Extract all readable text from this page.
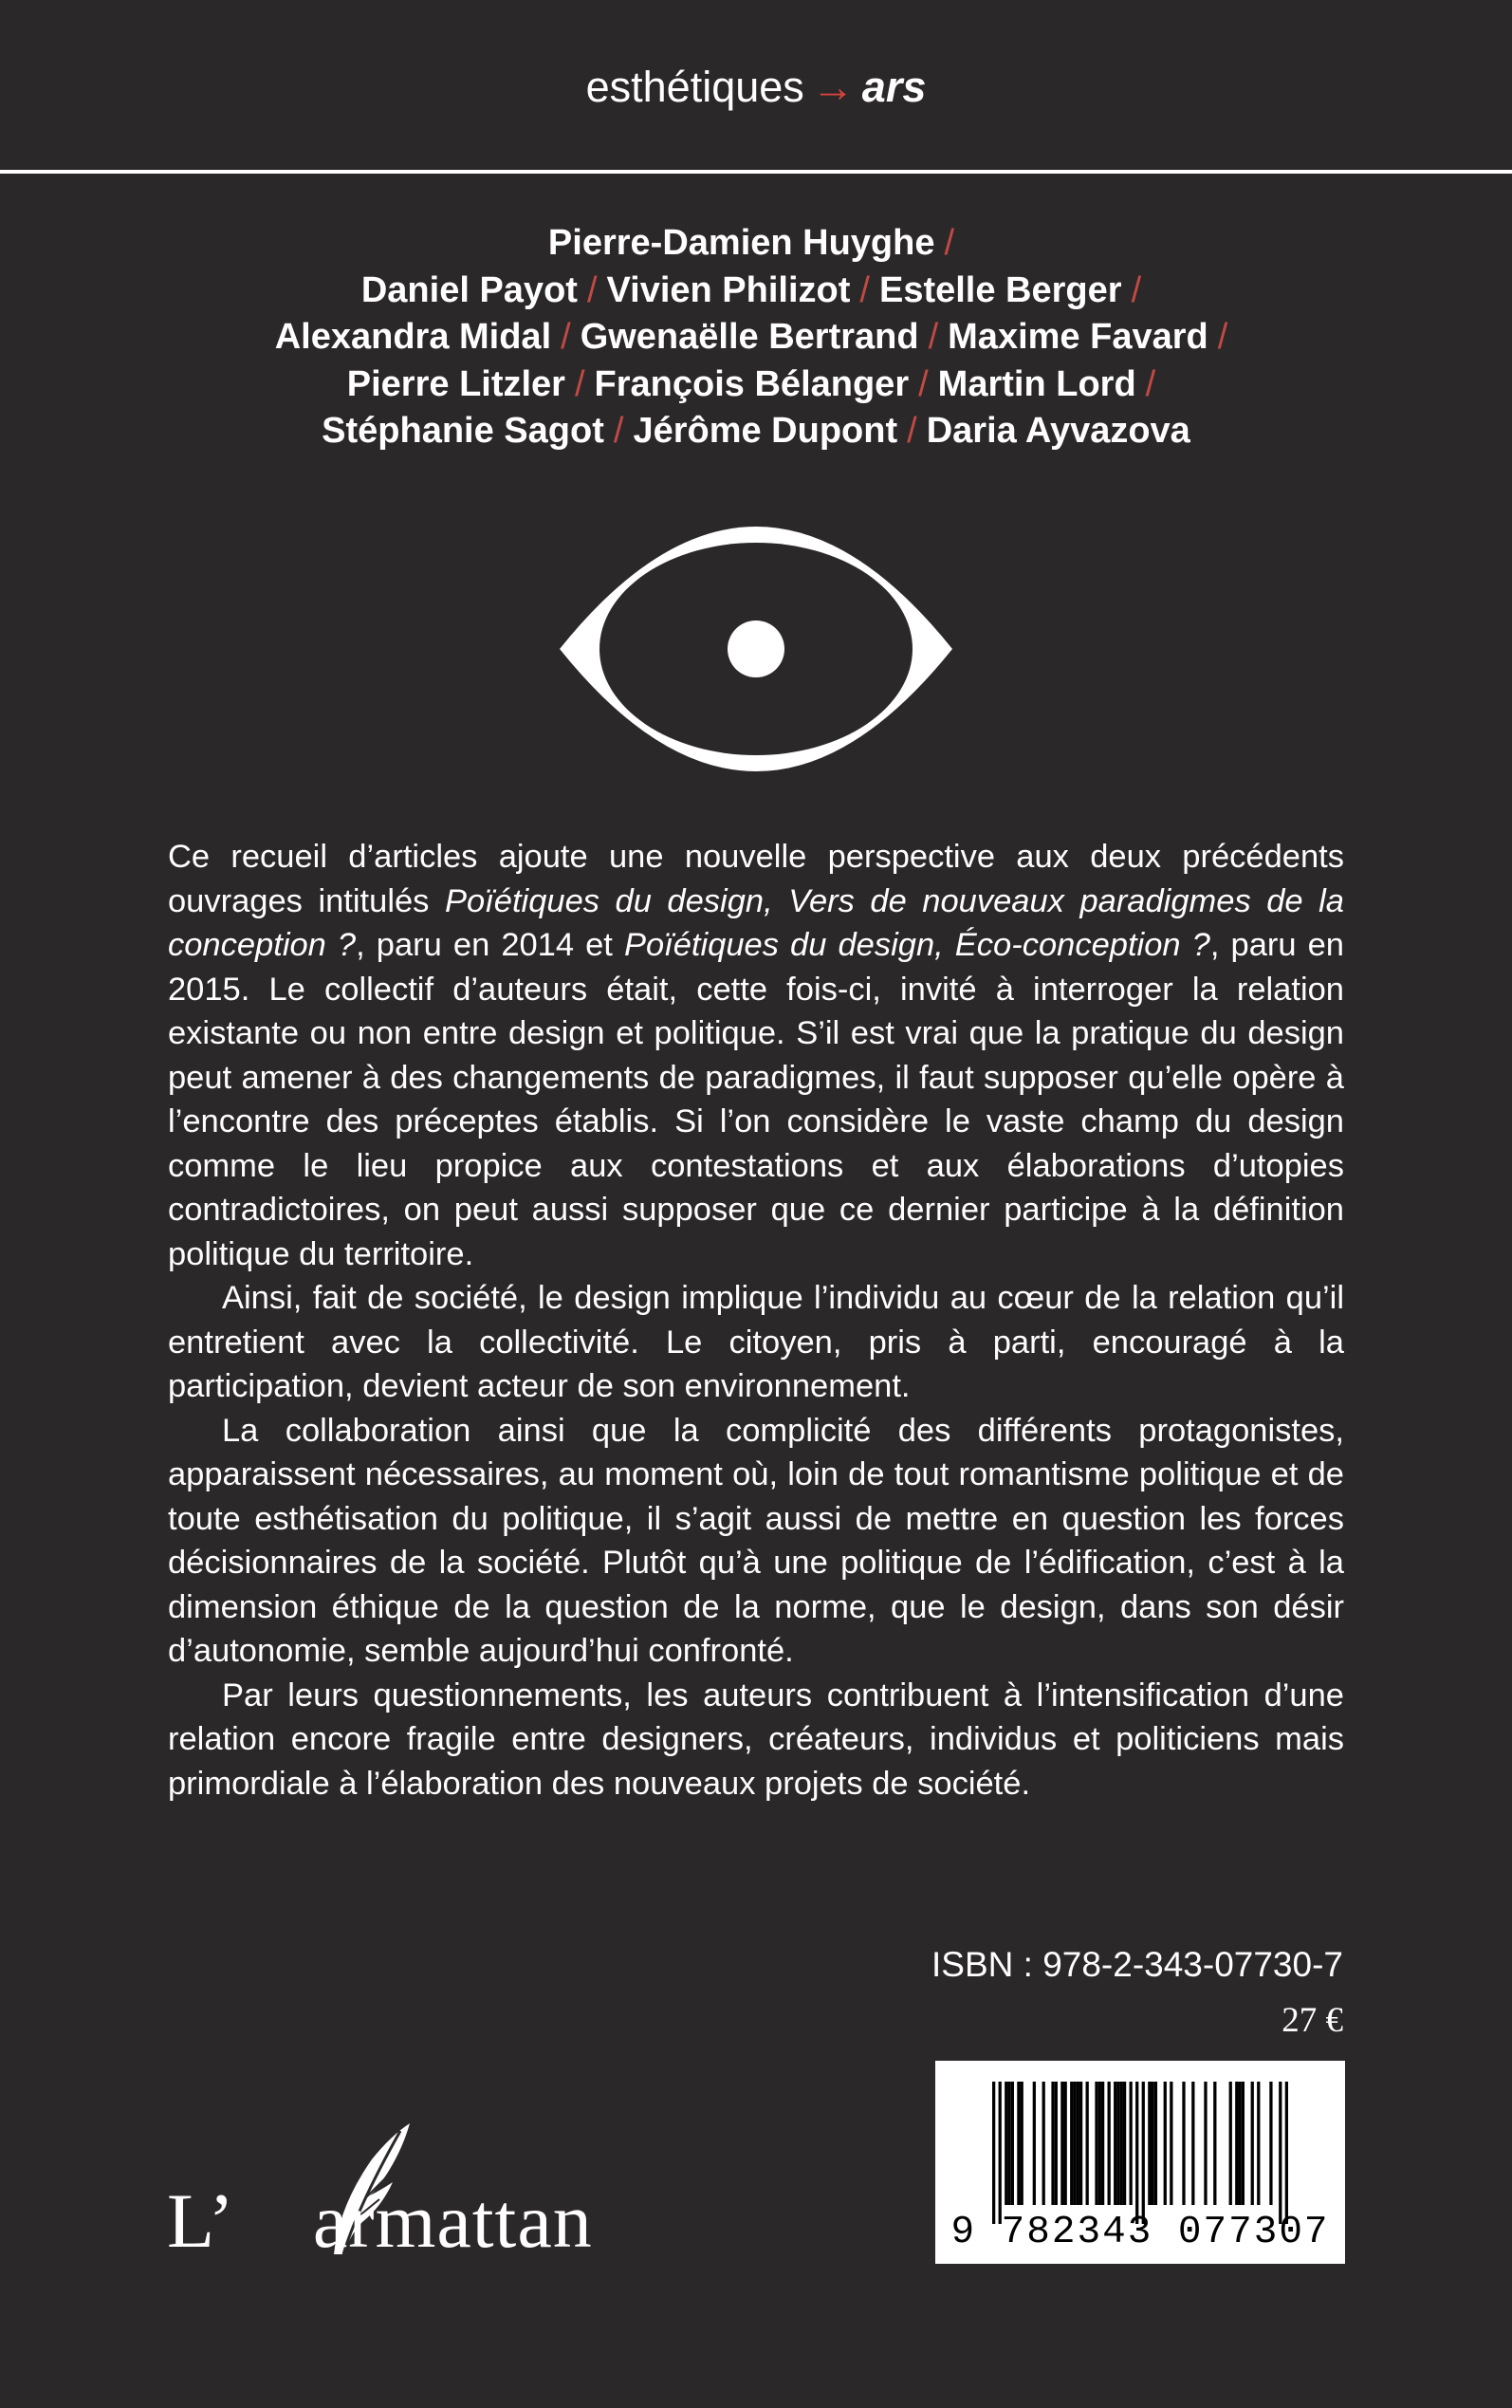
esthétiques → ars
Pierre-Damien Huyghe /
Daniel Payot / Vivien Philizot / Estelle Berger /
Alexandra Midal / Gwenaëlle Bertrand / Maxime Favard /
Pierre Litzler / François Bélanger / Martin Lord /
Stéphanie Sagot / Jérôme Dupont / Daria Ayvazova

Ce recueil d’articles ajoute une nouvelle perspective aux deux précédents ouvrages intitulés Poïétiques du design, Vers de nouveaux paradigmes de la conception ?, paru en 2014 et Poïétiques du design, Éco-conception ?, paru en 2015. Le collectif d’auteurs était, cette fois-ci, invité à interroger la relation existante ou non entre design et politique. S’il est vrai que la pratique du design peut amener à des changements de paradigmes, il faut supposer qu’elle opère à l’encontre des préceptes établis. Si l’on considère le vaste champ du design comme le lieu propice aux contestations et aux élaborations d’utopies contradictoires, on peut aussi supposer que ce dernier participe à la définition politique du territoire.

Ainsi, fait de société, le design implique l’individu au cœur de la relation qu’il entretient avec la collectivité. Le citoyen, pris à parti, encouragé à la participation, devient acteur de son environnement.

La collaboration ainsi que la complicité des différents protagonistes, apparaissent nécessaires, au moment où, loin de tout romantisme politique et de toute esthétisation du politique, il s’agit aussi de mettre en question les forces décisionnaires de la société. Plutôt qu’à une politique de l’édification, c’est à la dimension éthique de la question de la norme, que le design, dans son désir d’autonomie, semble aujourd’hui confronté.

Par leurs questionnements, les auteurs contribuent à l’intensification d’une relation encore fragile entre designers, créateurs, individus et politiciens mais primordiale à l’élaboration des nouveaux projets de société.

ISBN : 978-2-343-07730-7
27 €
9 782343 077307
L’ armattan
